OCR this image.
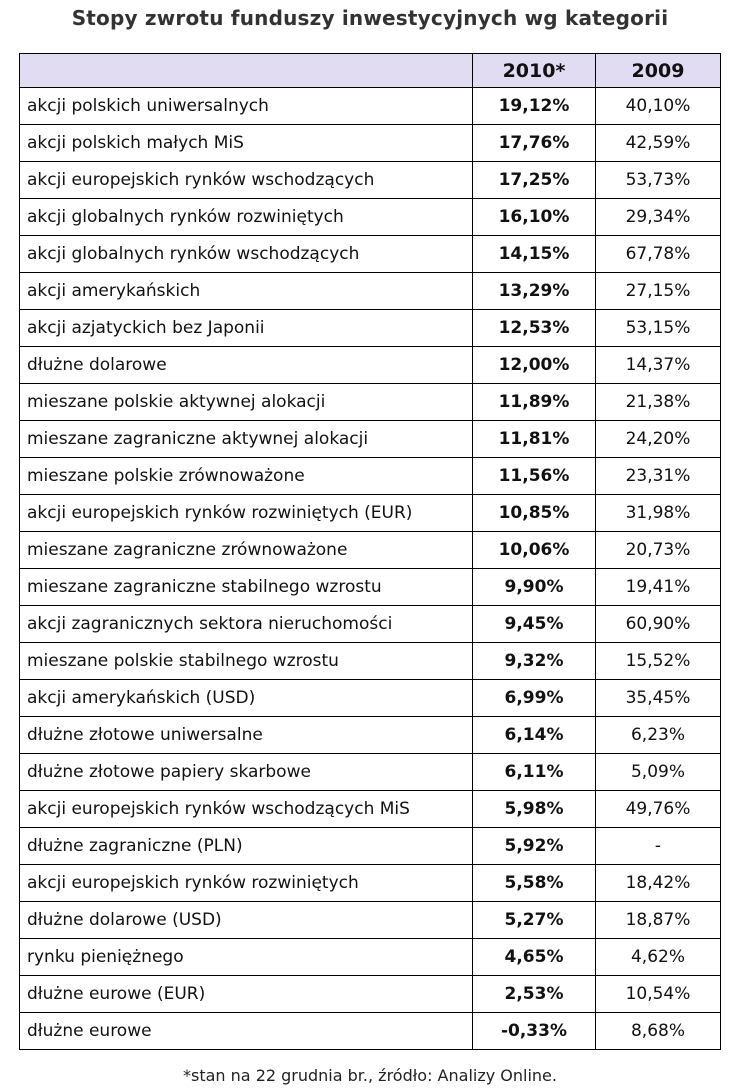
Stopy zwrotu funduszy inwestycyjnych wg kategorii
	2010*	2009
akcji polskich uniwersalnych	19,12%	40,10%
akcji polskich małych MiS	17,76%	42,59%
akcji europejskich rynków wschodzących	17,25%	53,73%
akcji globalnych rynków rozwiniętych	16,10%	29,34%
akcji globalnych rynków wschodzących	14,15%	67,78%
akcji amerykańskich	13,29%	27,15%
akcji azjatyckich bez Japonii	12,53%	53,15%
dłużne dolarowe	12,00%	14,37%
mieszane polskie aktywnej alokacji	11,89%	21,38%
mieszane zagraniczne aktywnej alokacji	11,81%	24,20%
mieszane polskie zrównoważone	11,56%	23,31%
akcji europejskich rynków rozwiniętych (EUR)	10,85%	31,98%
mieszane zagraniczne zrównoważone	10,06%	20,73%
mieszane zagraniczne stabilnego wzrostu	9,90%	19,41%
akcji zagranicznych sektora nieruchomości	9,45%	60,90%
mieszane polskie stabilnego wzrostu	9,32%	15,52%
akcji amerykańskich (USD)	6,99%	35,45%
dłużne złotowe uniwersalne	6,14%	6,23%
dłużne złotowe papiery skarbowe	6,11%	5,09%
akcji europejskich rynków wschodzących MiS	5,98%	49,76%
dłużne zagraniczne (PLN)	5,92%	-
akcji europejskich rynków rozwiniętych	5,58%	18,42%
dłużne dolarowe (USD)	5,27%	18,87%
rynku pieniężnego	4,65%	4,62%
dłużne eurowe (EUR)	2,53%	10,54%
dłużne eurowe	-0,33%	8,68%
*stan na 22 grudnia br., źródło: Analizy Online.
